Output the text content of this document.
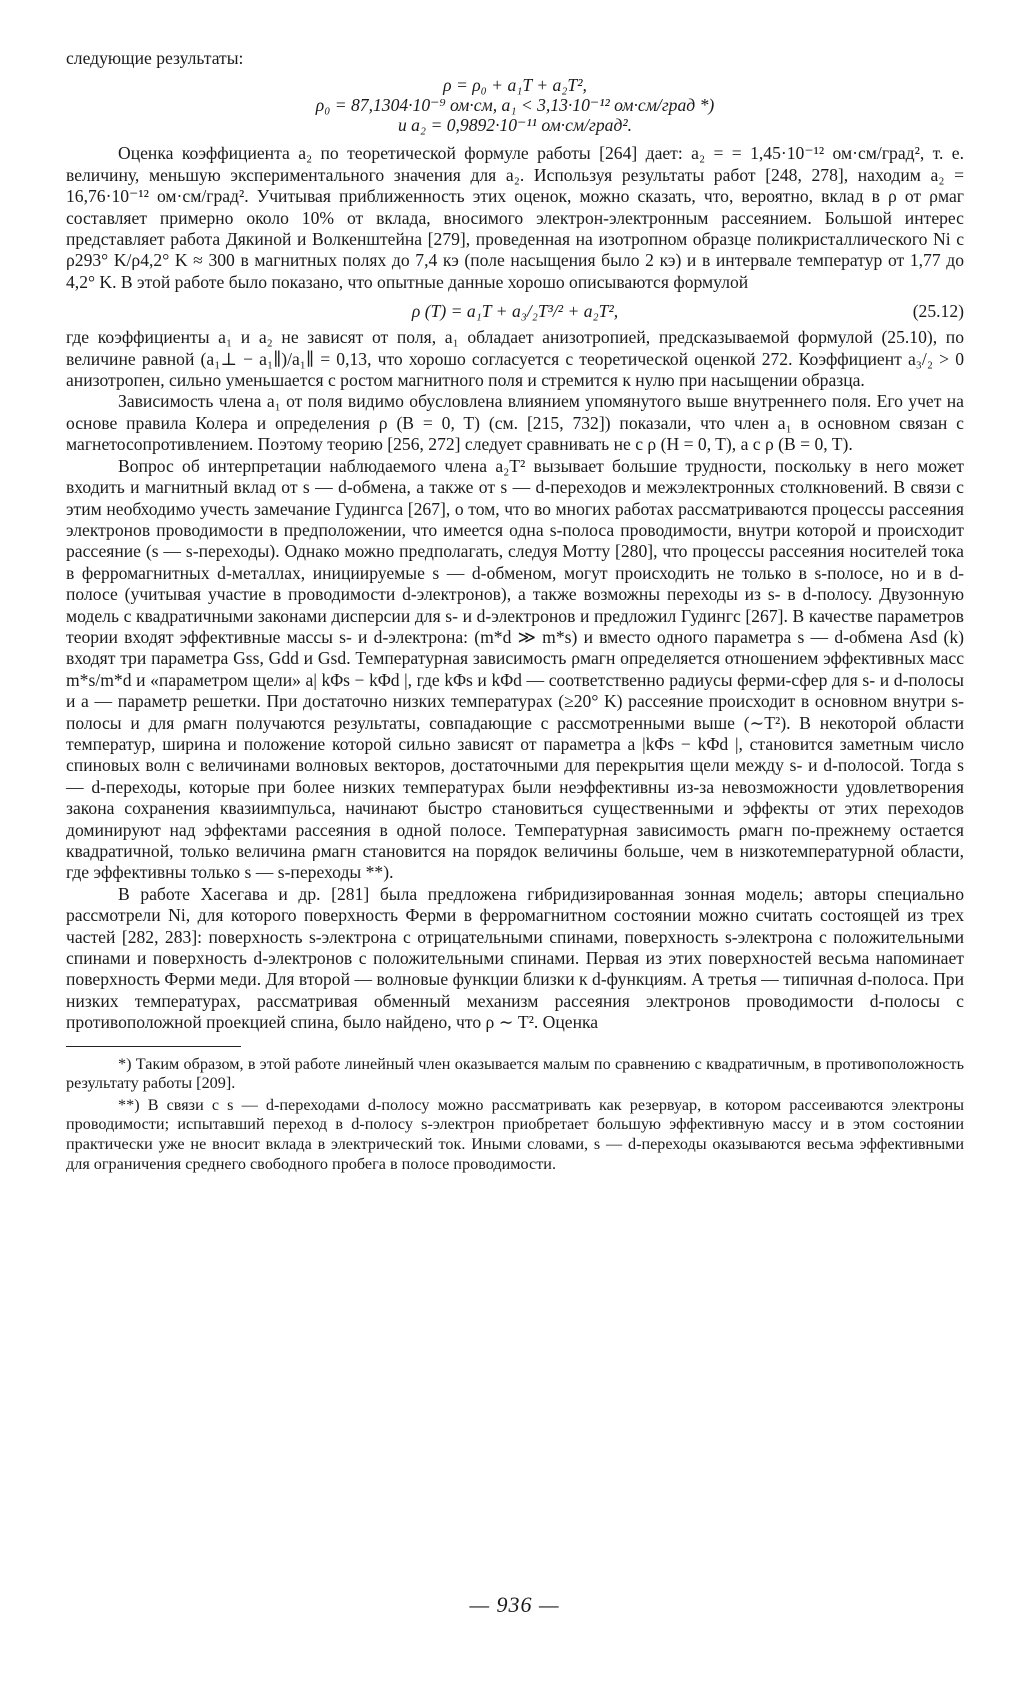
следующие результаты:

ρ = ρ₀ + a₁T + a₂T²,
ρ₀ = 87,1304·10⁻⁹ ом·см, a₁ < 3,13·10⁻¹² ом·см/град *)
и a₂ = 0,9892·10⁻¹¹ ом·см/град².

Оценка коэффициента a₂ по теоретической формуле работы [264] дает: a₂ = = 1,45·10⁻¹² ом·см/град², т. е. величину, меньшую экспериментального значения для a₂. Используя результаты работ [248, 278], находим a₂ = 16,76·10⁻¹² ом·см/град². Учитывая приближенность этих оценок, можно сказать, что, вероятно, вклад в ρ от ρмаг составляет примерно около 10% от вклада, вносимого электрон-электронным рассеянием. Большой интерес представляет работа Дякиной и Волкенштейна [279], проведенная на изотропном образце поликристаллического Ni с ρ293° K/ρ4,2° K ≈ 300 в магнитных полях до 7,4 кэ (поле насыщения было 2 кэ) и в интервале температур от 1,77 до 4,2° K. В этой работе было показано, что опытные данные хорошо описываются формулой

ρ (T) = a₁T + a₃/₂T³/² + a₂T²,	(25.12)

где коэффициенты a₁ и a₂ не зависят от поля, a₁ обладает анизотропией, предсказываемой формулой (25.10), по величине равной (a₁⊥ − a₁∥)/a₁∥ = 0,13, что хорошо согласуется с теоретической оценкой 272. Коэффициент a₃/₂ > 0 анизотропен, сильно уменьшается с ростом магнитного поля и стремится к нулю при насыщении образца.

Зависимость члена a₁ от поля видимо обусловлена влиянием упомянутого выше внутреннего поля. Его учет на основе правила Колера и определения ρ (B = 0, T) (см. [215, 732]) показали, что член a₁ в основном связан с магнетосопротивлением. Поэтому теорию [256, 272] следует сравнивать не с ρ (H = 0, T), а с ρ (B = 0, T).

Вопрос об интерпретации наблюдаемого члена a₂T² вызывает большие трудности, поскольку в него может входить и магнитный вклад от s — d-обмена, а также от s — d-переходов и межэлектронных столкновений. В связи с этим необходимо учесть замечание Гудингса [267], о том, что во многих работах рассматриваются процессы рассеяния электронов проводимости в предположении, что имеется одна s-полоса проводимости, внутри которой и происходит рассеяние (s — s-переходы). Однако можно предполагать, следуя Мотту [280], что процессы рассеяния носителей тока в ферромагнитных d-металлах, инициируемые s — d-обменом, могут происходить не только в s-полосе, но и в d-полосе (учитывая участие в проводимости d-электронов), а также возможны переходы из s- в d-полосу. Двузонную модель с квадратичными законами дисперсии для s- и d-электронов и предложил Гудингс [267]. В качестве параметров теории входят эффективные массы s- и d-электрона: (m*d ≫ m*s) и вместо одного параметра s — d-обмена Asd (k) входят три параметра Gss, Gdd и Gsd. Температурная зависимость ρмагн определяется отношением эффективных масс m*s/m*d и «параметром щели» a| kΦs − kΦd |, где kΦs и kΦd — соответственно радиусы ферми-сфер для s- и d-полосы и a — параметр решетки. При достаточно низких температурах (≥20° K) рассеяние происходит в основном внутри s-полосы и для ρмагн получаются результаты, совпадающие с рассмотренными выше (∼T²). В некоторой области температур, ширина и положение которой сильно зависят от параметра a |kΦs − kΦd |, становится заметным число спиновых волн с величинами волновых векторов, достаточными для перекрытия щели между s- и d-полосой. Тогда s — d-переходы, которые при более низких температурах были неэффективны из-за невозможности удовлетворения закона сохранения квазиимпульса, начинают быстро становиться существенными и эффекты от этих переходов доминируют над эффектами рассеяния в одной полосе. Температурная зависимость ρмагн по-прежнему остается квадратичной, только величина ρмагн становится на порядок величины больше, чем в низкотемпературной области, где эффективны только s — s-переходы **).

В работе Хасегава и др. [281] была предложена гибридизированная зонная модель; авторы специально рассмотрели Ni, для которого поверхность Ферми в ферромагнитном состоянии можно считать состоящей из трех частей [282, 283]: поверхность s-электрона с отрицательными спинами, поверхность s-электрона с положительными спинами и поверхность d-электронов с положительными спинами. Первая из этих поверхностей весьма напоминает поверхность Ферми меди. Для второй — волновые функции близки к d-функциям. А третья — типичная d-полоса. При низких температурах, рассматривая обменный механизм рассеяния электронов проводимости d-полосы с противоположной проекцией спина, было найдено, что ρ ∼ T². Оценка

*) Таким образом, в этой работе линейный член оказывается малым по сравнению с квадратичным, в противоположность результату работы [209].

**) В связи с s — d-переходами d-полосу можно рассматривать как резервуар, в котором рассеиваются электроны проводимости; испытавший переход в d-полосу s-электрон приобретает большую эффективную массу и в этом состоянии практически уже не вносит вклада в электрический ток. Иными словами, s — d-переходы оказываются весьма эффективными для ограничения среднего свободного пробега в полосе проводимости.

— 936 —
